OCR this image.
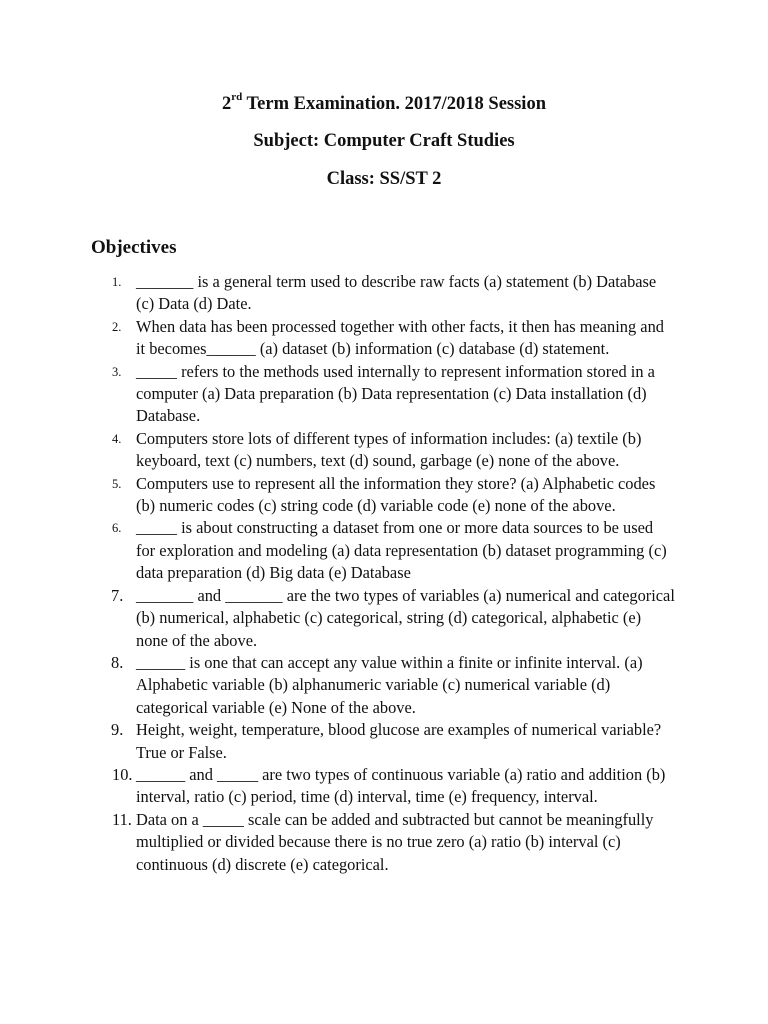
2rd Term Examination. 2017/2018 Session
Subject: Computer Craft Studies
Class: SS/ST 2
Objectives
1. _______ is a general term used to describe raw facts (a) statement (b) Database (c) Data (d) Date.
2. When data has been processed together with other facts, it then has meaning and it becomes______ (a) dataset (b) information (c) database (d) statement.
3. _____ refers to the methods used internally to represent information stored in a computer (a) Data preparation (b) Data representation (c) Data installation (d) Database.
4. Computers store lots of different types of information includes: (a) textile (b) keyboard, text (c) numbers, text (d) sound, garbage (e) none of the above.
5. Computers use to represent all the information they store? (a) Alphabetic codes (b) numeric codes (c) string code (d) variable code (e) none of the above.
6. _____ is about constructing a dataset from one or more data sources to be used for exploration and modeling (a) data representation (b) dataset programming (c) data preparation (d) Big data (e) Database
7. _______ and _______ are the two types of variables (a) numerical and categorical (b) numerical, alphabetic (c) categorical, string (d) categorical, alphabetic (e) none of the above.
8. ______ is one that can accept any value within a finite or infinite interval. (a) Alphabetic variable (b) alphanumeric variable (c) numerical variable (d) categorical variable (e) None of the above.
9. Height, weight, temperature, blood glucose are examples of numerical variable? True or False.
10. ______ and _____ are two types of continuous variable (a) ratio and addition (b) interval, ratio (c) period, time (d) interval, time (e) frequency, interval.
11. Data on a _____ scale can be added and subtracted but cannot be meaningfully multiplied or divided because there is no true zero (a) ratio (b) interval (c) continuous (d) discrete (e) categorical.
